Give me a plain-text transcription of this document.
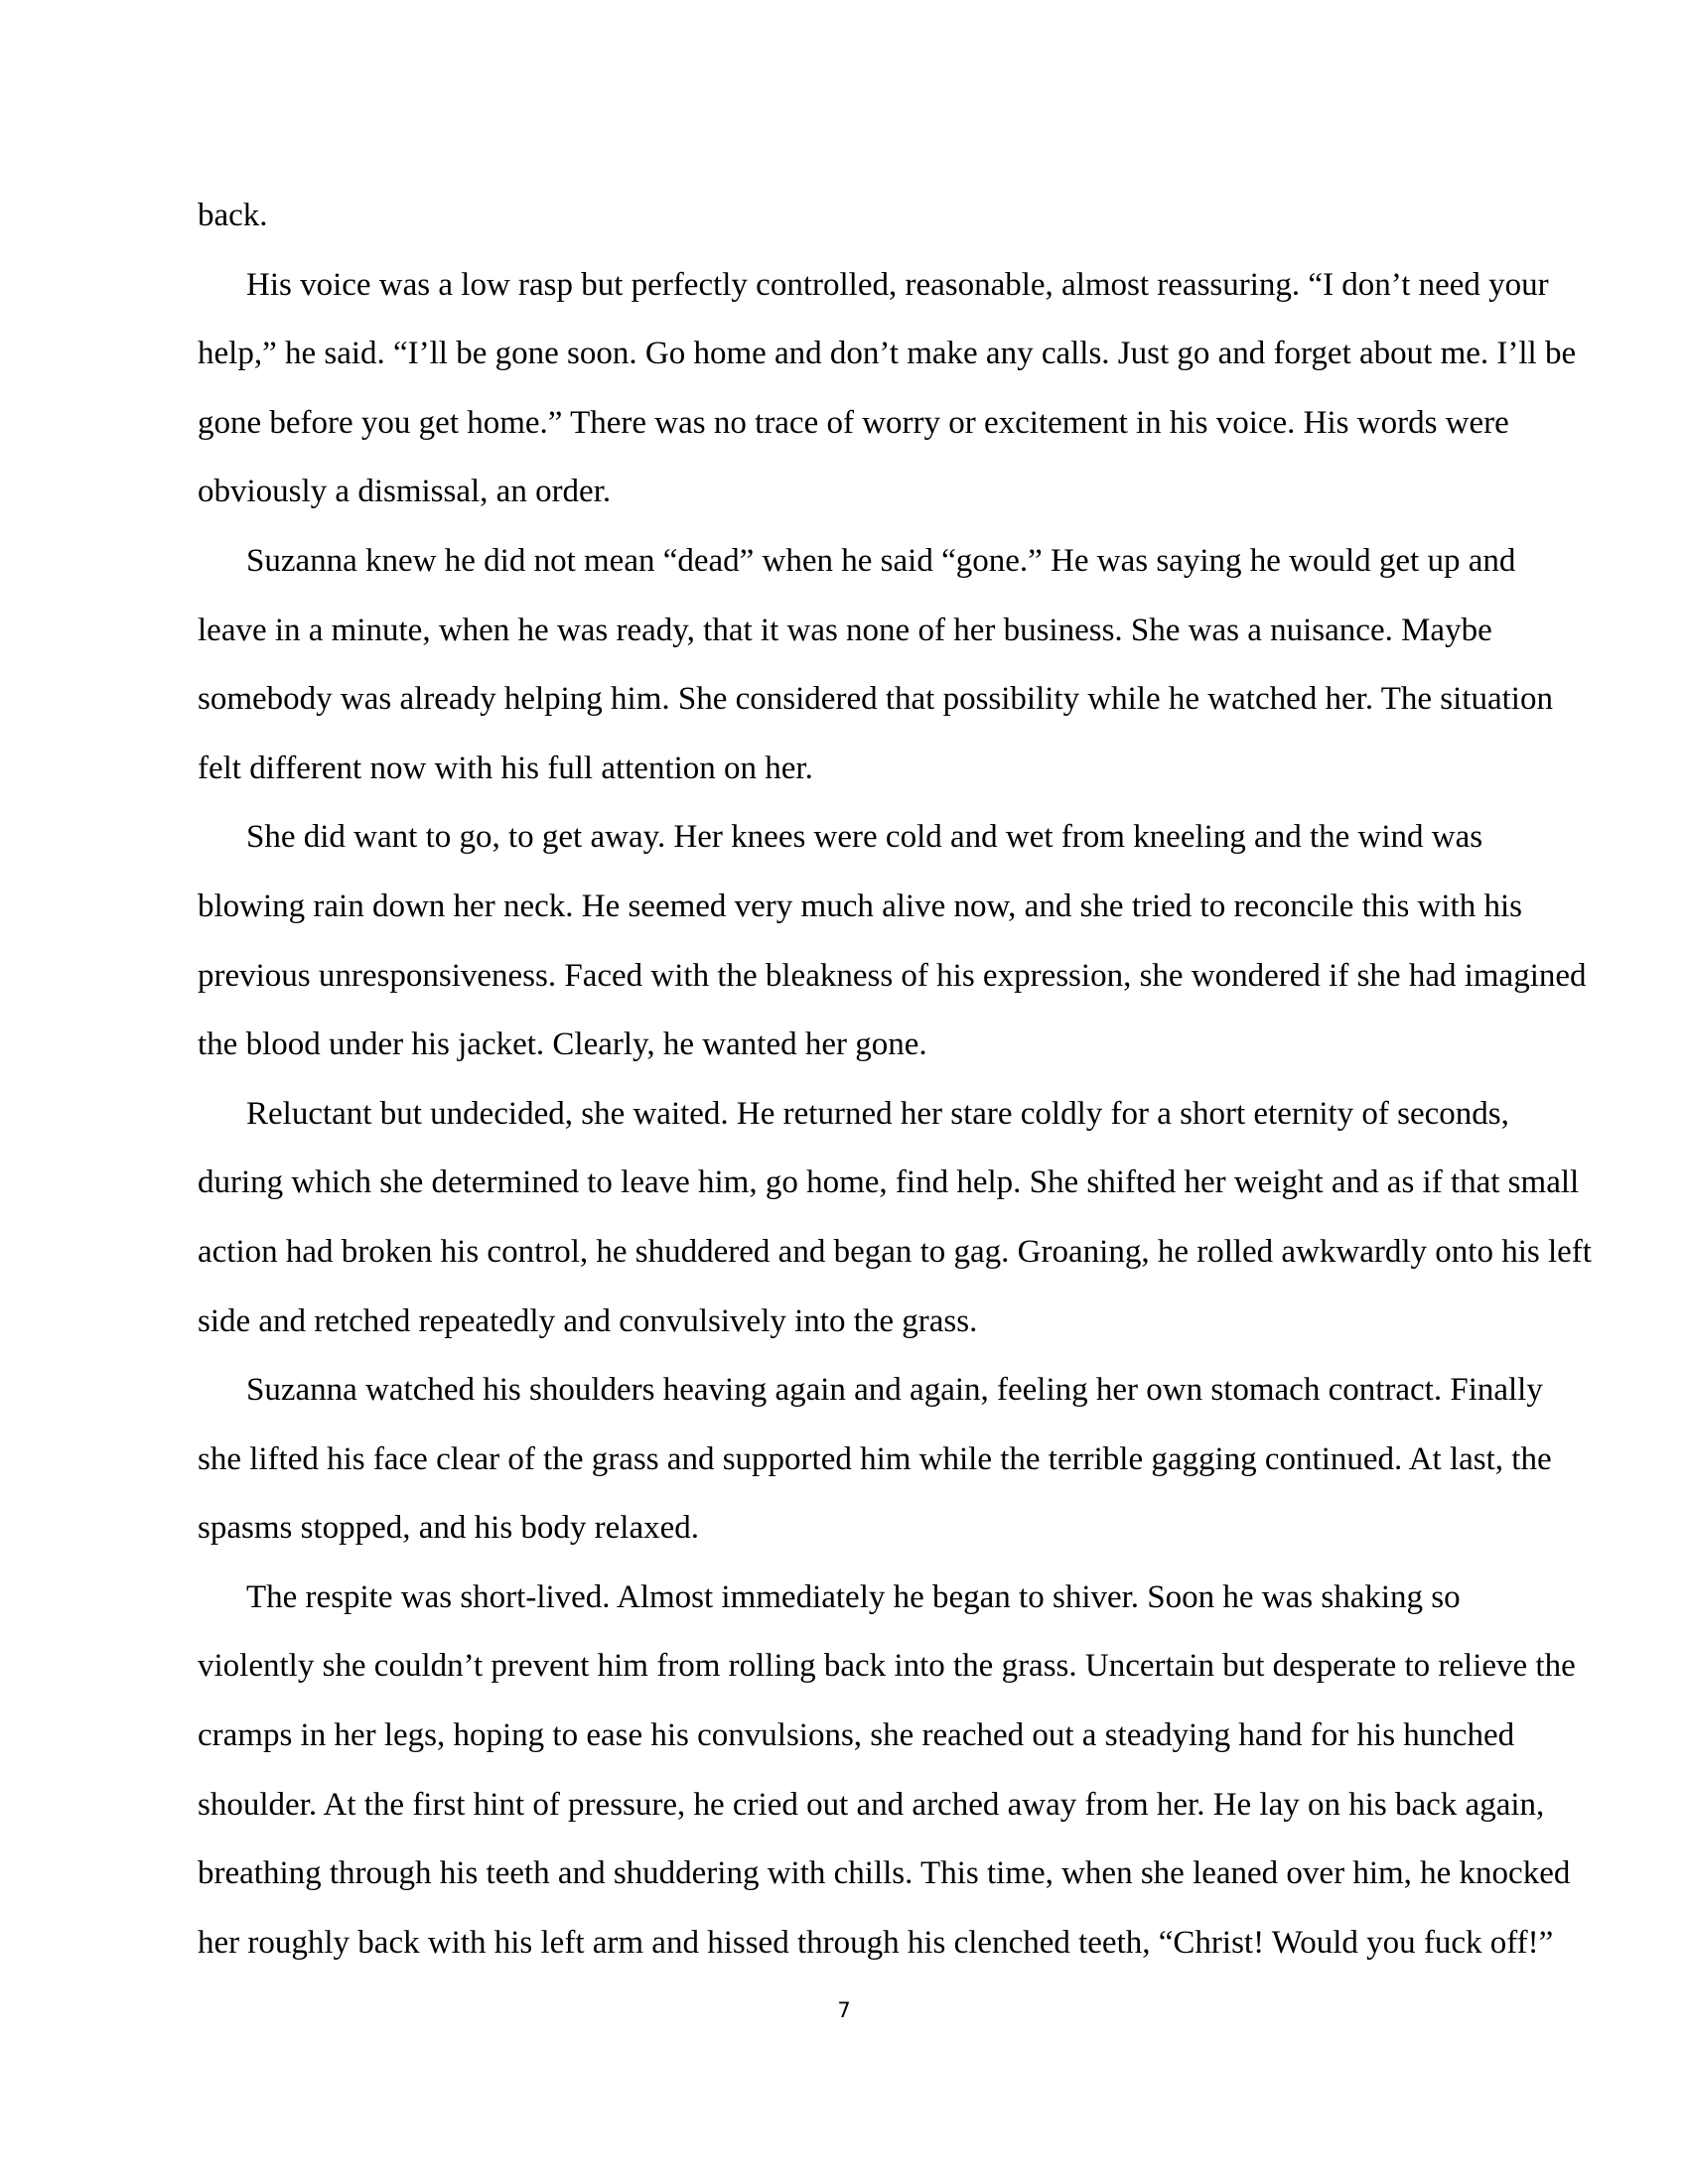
back.
His voice was a low rasp but perfectly controlled, reasonable, almost reassuring. “I don’t need your
help,” he said. “I’ll be gone soon. Go home and don’t make any calls. Just go and forget about me. I’ll be
gone before you get home.” There was no trace of worry or excitement in his voice. His words were
obviously a dismissal, an order.
Suzanna knew he did not mean “dead” when he said “gone.” He was saying he would get up and
leave in a minute, when he was ready, that it was none of her business. She was a nuisance. Maybe
somebody was already helping him. She considered that possibility while he watched her. The situation
felt different now with his full attention on her.
She did want to go, to get away. Her knees were cold and wet from kneeling and the wind was
blowing rain down her neck. He seemed very much alive now, and she tried to reconcile this with his
previous unresponsiveness. Faced with the bleakness of his expression, she wondered if she had imagined
the blood under his jacket. Clearly, he wanted her gone.
Reluctant but undecided, she waited. He returned her stare coldly for a short eternity of seconds,
during which she determined to leave him, go home, find help. She shifted her weight and as if that small
action had broken his control, he shuddered and began to gag. Groaning, he rolled awkwardly onto his left
side and retched repeatedly and convulsively into the grass.
Suzanna watched his shoulders heaving again and again, feeling her own stomach contract. Finally
she lifted his face clear of the grass and supported him while the terrible gagging continued. At last, the
spasms stopped, and his body relaxed.
The respite was short-lived. Almost immediately he began to shiver. Soon he was shaking so
violently she couldn’t prevent him from rolling back into the grass. Uncertain but desperate to relieve the
cramps in her legs, hoping to ease his convulsions, she reached out a steadying hand for his hunched
shoulder. At the first hint of pressure, he cried out and arched away from her. He lay on his back again,
breathing through his teeth and shuddering with chills. This time, when she leaned over him, he knocked
her roughly back with his left arm and hissed through his clenched teeth, “Christ! Would you fuck off!”
7
